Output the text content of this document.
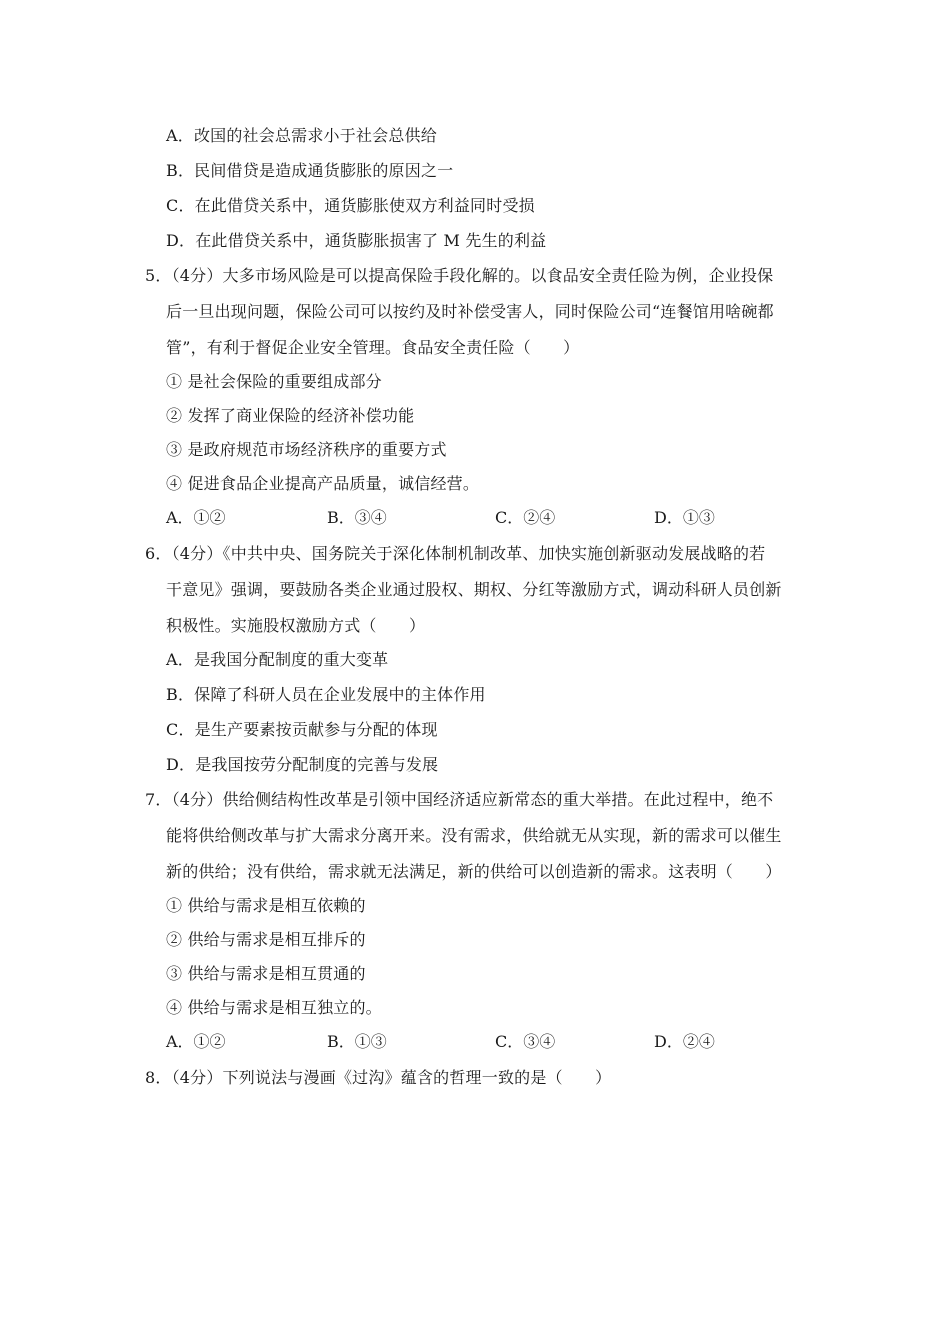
A．改国的社会总需求小于社会总供给
B．民间借贷是造成通货膨胀的原因之一
C．在此借贷关系中，通货膨胀使双方利益同时受损
D．在此借贷关系中，通货膨胀损害了 M 先生的利益
5．（4分）大多市场风险是可以提高保险手段化解的。以食品安全责任险为例，企业投保
后一旦出现问题，保险公司可以按约及时补偿受害人，同时保险公司“连餐馆用啥碗都
管”，有利于督促企业安全管理。食品安全责任险（　　）
① 是社会保险的重要组成部分
② 发挥了商业保险的经济补偿功能
③ 是政府规范市场经济秩序的重要方式
④ 促进食品企业提高产品质量，诚信经营。
A．①②	B．③④	C．②④	D．①③
6．（4分）《中共中央、国务院关于深化体制机制改革、加快实施创新驱动发展战略的若
干意见》强调，要鼓励各类企业通过股权、期权、分红等激励方式，调动科研人员创新
积极性。实施股权激励方式（　　）
A．是我国分配制度的重大变革
B．保障了科研人员在企业发展中的主体作用
C．是生产要素按贡献参与分配的体现
D．是我国按劳分配制度的完善与发展
7．（4分）供给侧结构性改革是引领中国经济适应新常态的重大举措。在此过程中，绝不
能将供给侧改革与扩大需求分离开来。没有需求，供给就无从实现，新的需求可以催生
新的供给；没有供给，需求就无法满足，新的供给可以创造新的需求。这表明（　　）
① 供给与需求是相互依赖的
② 供给与需求是相互排斥的
③ 供给与需求是相互贯通的
④ 供给与需求是相互独立的。
A．①②	B．①③	C．③④	D．②④
8．（4分）下列说法与漫画《过沟》蕴含的哲理一致的是（　　）
